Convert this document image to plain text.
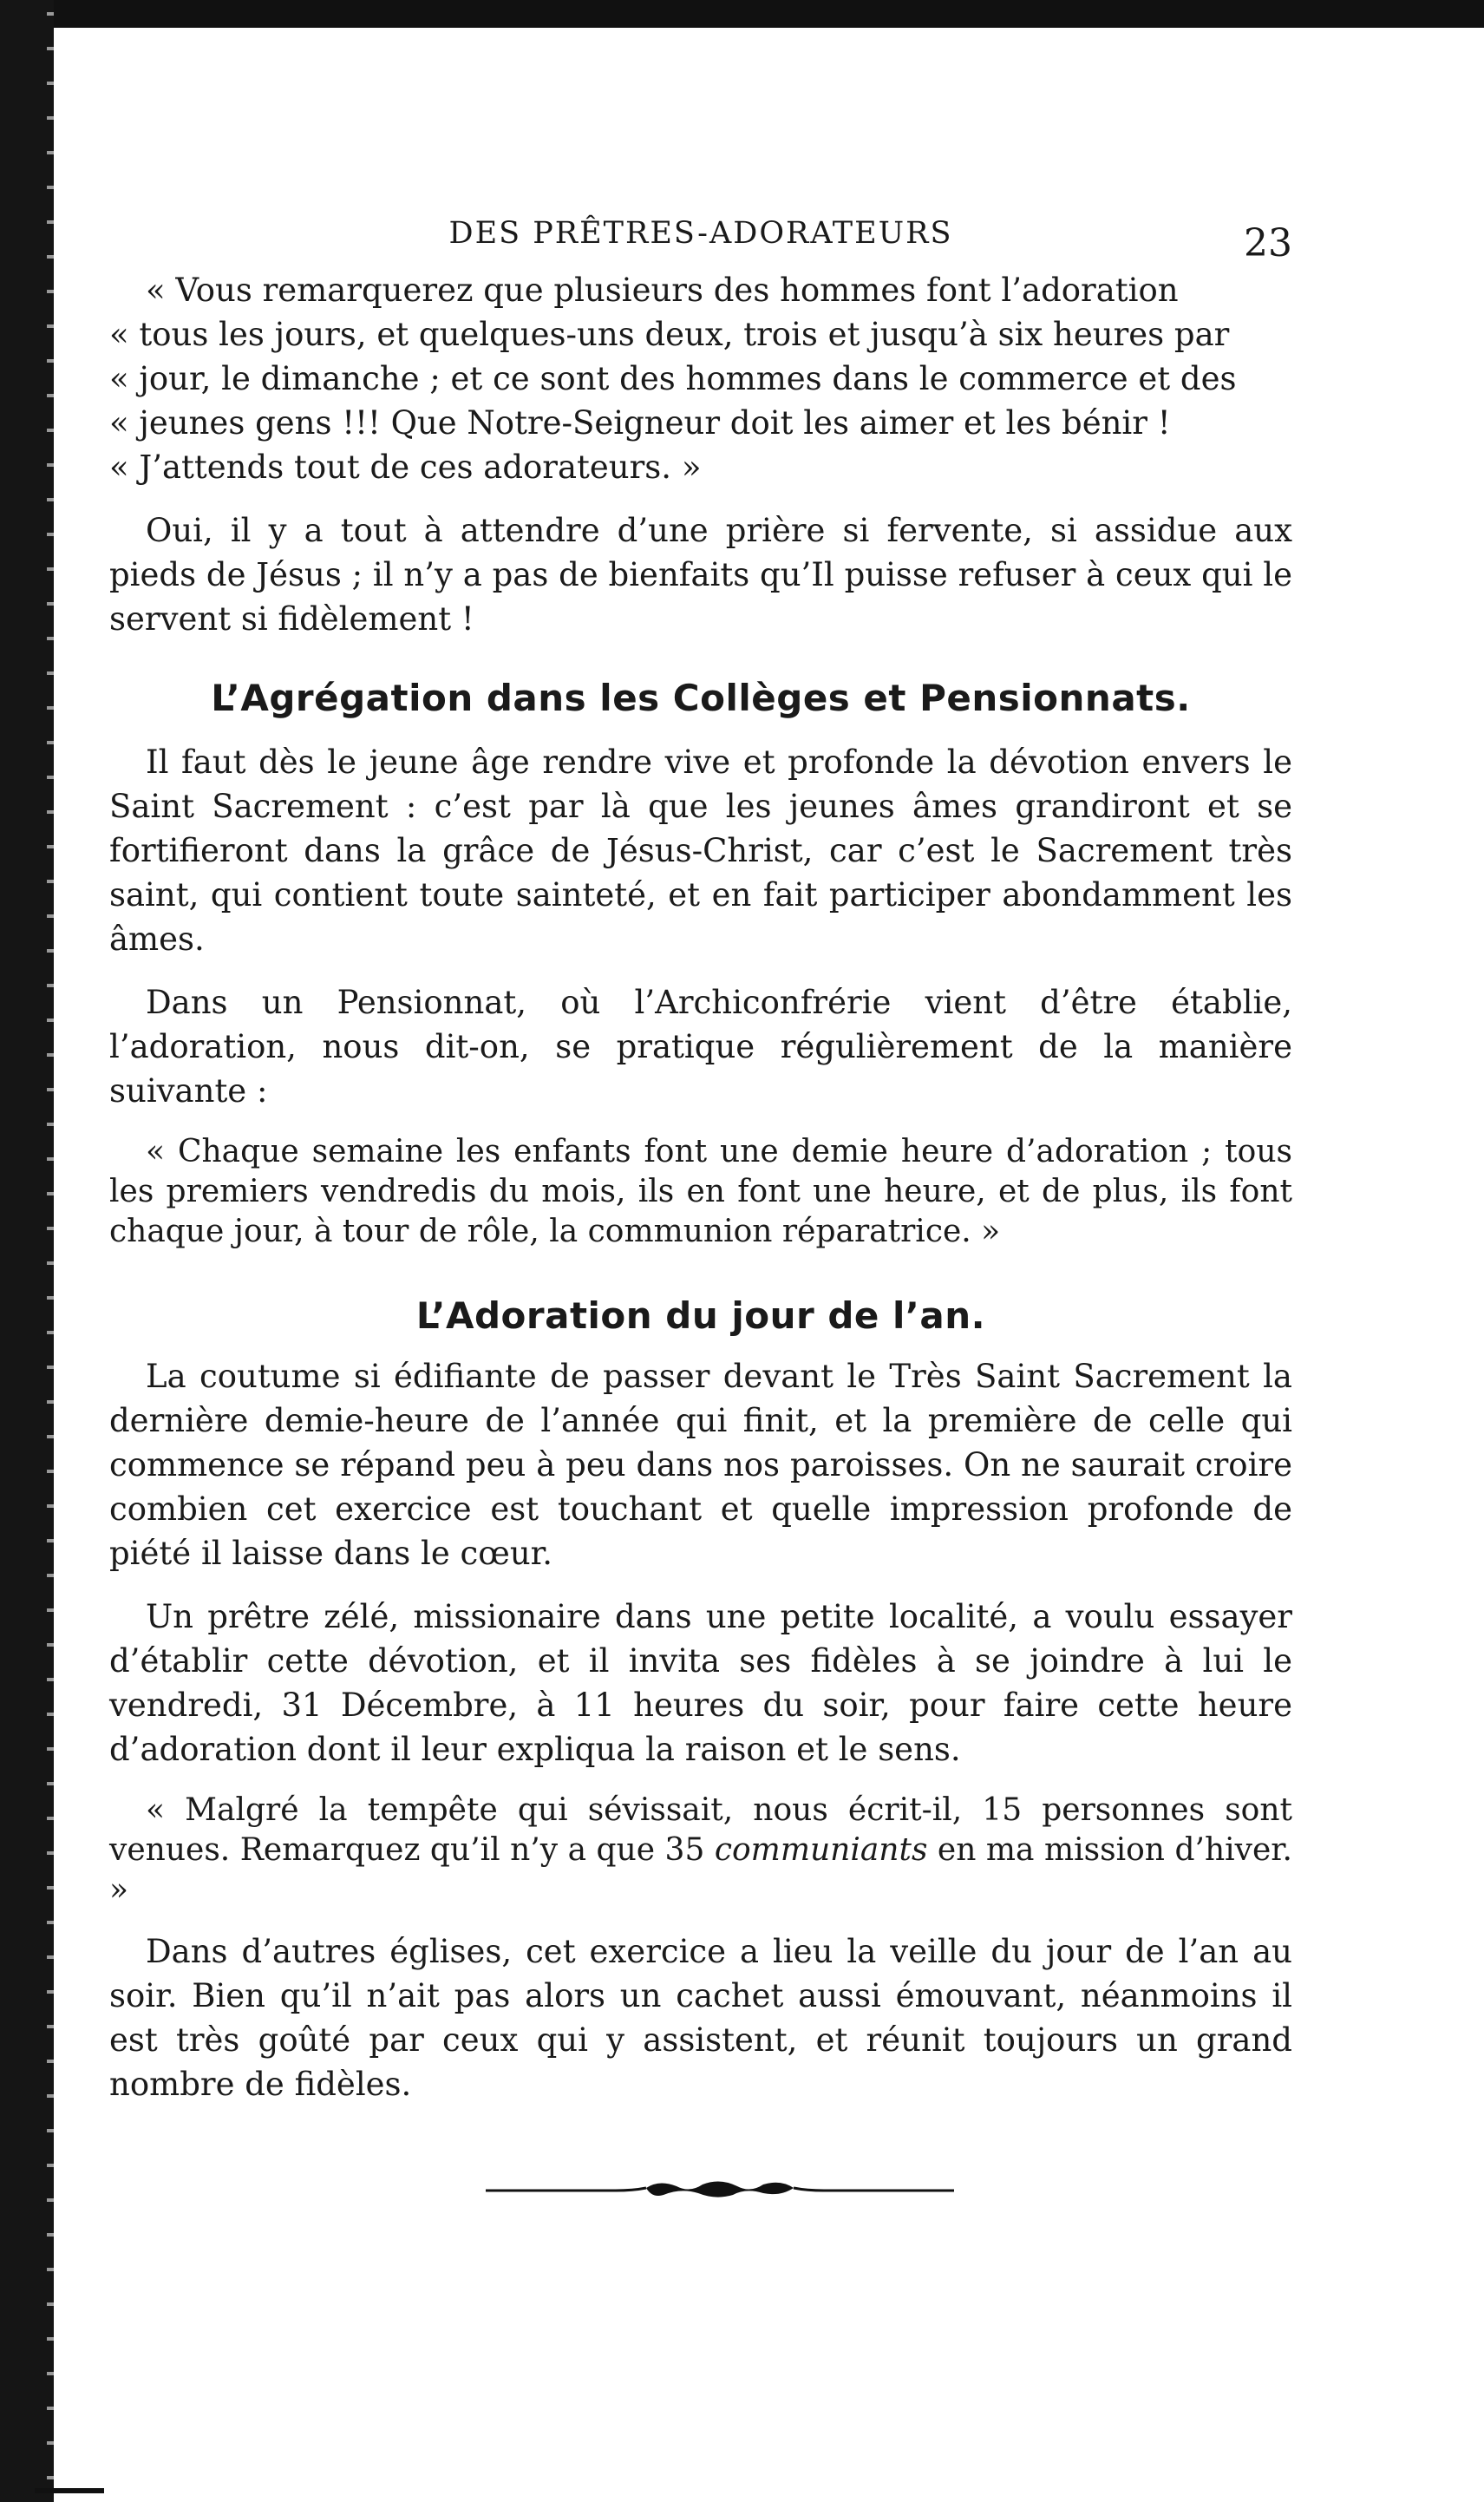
DES PRÊTRES-ADORATEURS	23

« Vous remarquerez que plusieurs des hommes font l’adoration

« tous les jours, et quelques-uns deux, trois et jusqu’à six heures par

« jour, le dimanche ; et ce sont des hommes dans le commerce et des

« jeunes gens !!! Que Notre-Seigneur doit les aimer et les bénir !

« J’attends tout de ces adorateurs. »

Oui, il y a tout à attendre d’une prière si fervente, si assidue aux pieds de Jésus ; il n’y a pas de bienfaits qu’Il puisse refuser à ceux qui le servent si fidèlement !

L’Agrégation dans les Collèges et Pensionnats.

Il faut dès le jeune âge rendre vive et profonde la dévotion envers le Saint Sacrement : c’est par là que les jeunes âmes grandiront et se fortifieront dans la grâce de Jésus-Christ, car c’est le Sacrement très saint, qui contient toute sainteté, et en fait participer abondamment les âmes.

Dans un Pensionnat, où l’Archiconfrérie vient d’être établie, l’adoration, nous dit-on, se pratique régulièrement de la manière suivante :

« Chaque semaine les enfants font une demie heure d’adoration ; tous les premiers vendredis du mois, ils en font une heure, et de plus, ils font chaque jour, à tour de rôle, la communion réparatrice. »

L’Adoration du jour de l’an.

La coutume si édifiante de passer devant le Très Saint Sacrement la dernière demie-heure de l’année qui finit, et la première de celle qui commence se répand peu à peu dans nos paroisses. On ne saurait croire combien cet exercice est touchant et quelle impression profonde de piété il laisse dans le cœur.

Un prêtre zélé, missionaire dans une petite localité, a voulu essayer d’établir cette dévotion, et il invita ses fidèles à se joindre à lui le vendredi, 31 Décembre, à 11 heures du soir, pour faire cette heure d’adoration dont il leur expliqua la raison et le sens.

« Malgré la tempête qui sévissait, nous écrit-il, 15 personnes sont venues. Remarquez qu’il n’y a que 35 communiants en ma mission d’hiver. »

Dans d’autres églises, cet exercice a lieu la veille du jour de l’an au soir. Bien qu’il n’ait pas alors un cachet aussi émouvant, néanmoins il est très goûté par ceux qui y assistent, et réunit toujours un grand nombre de fidèles.
